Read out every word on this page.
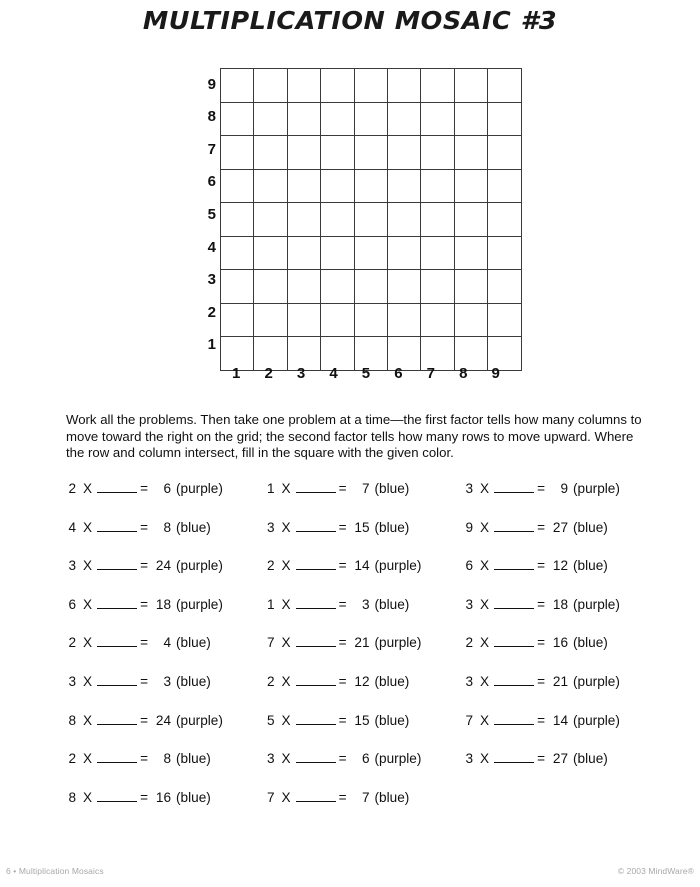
MULTIPLICATION MOSAIC #3
9
8
7
6
5
4
3
2
1

1	2	3	4	5	6	7	8	9
Work all the problems. Then take one problem at a time—the first factor tells how many columns to move toward the right on the grid; the second factor tells how many rows to move upward. Where the row and column intersect, fill in the square with the given color.
2 X	=	6 (purple)	1 X	=	7 (blue)	3 X	=	9 (purple)
4 X	=	8 (blue)	3 X	= 15 (blue)	9 X	= 27 (blue)
3 X	= 24 (purple)	2 X	= 14 (purple)	6 X	= 12 (blue)
6 X	= 18 (purple)	1 X	=	3 (blue)	3 X	= 18 (purple)
2 X	=	4 (blue)	7 X	= 21 (purple)	2 X	= 16 (blue)
3 X	=	3 (blue)	2 X	= 12 (blue)	3 X	= 21 (purple)
8 X	= 24 (purple)	5 X	= 15 (blue)	7 X	= 14 (purple)
2 X	=	8 (blue)	3 X	=	6 (purple)	3 X	= 27 (blue)
8 X	= 16 (blue)	7 X	=	7 (blue)
6 • Multiplication Mosaics	© 2003 MindWare®
